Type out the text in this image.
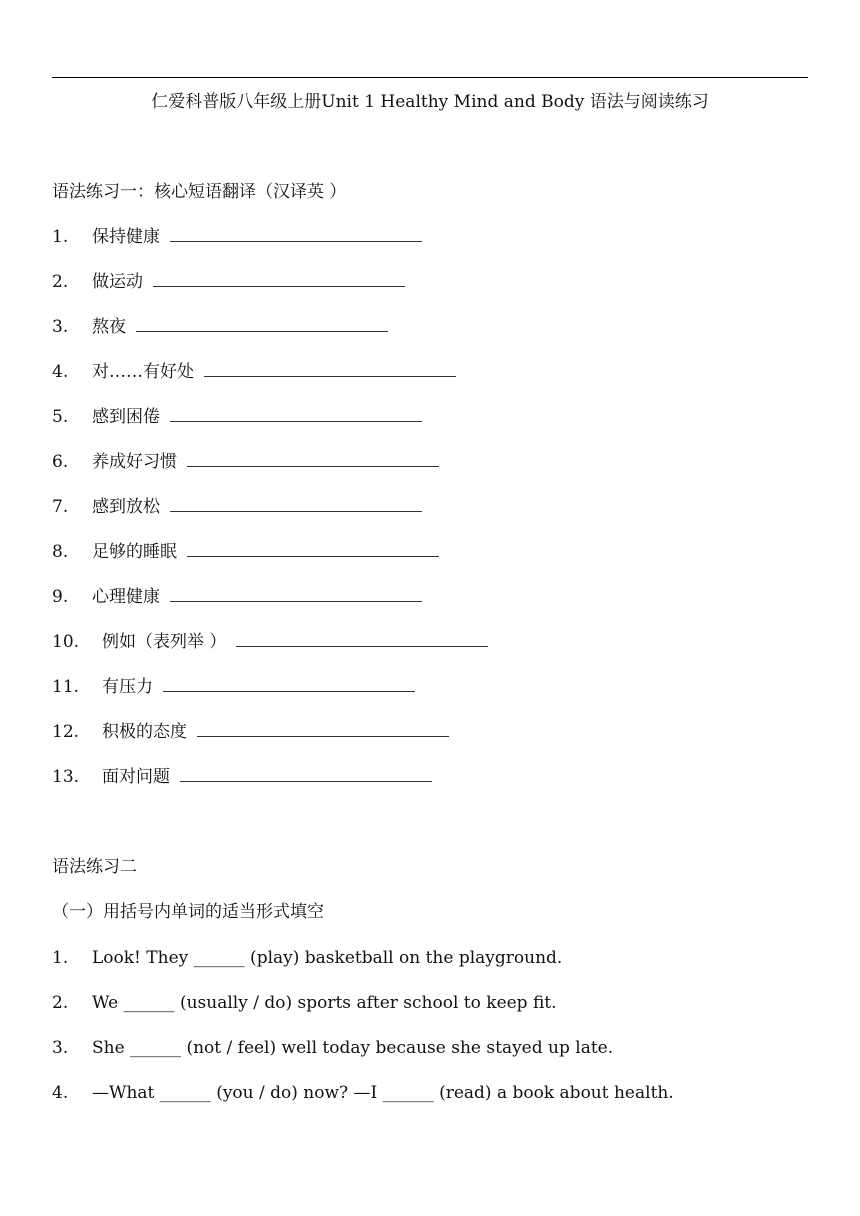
仁爱科普版八年级上册Unit 1 Healthy Mind and Body 语法与阅读练习
语法练习一：核心短语翻译（汉译英 ）
1. 保持健康
2. 做运动
3. 熬夜
4. 对……有好处
5. 感到困倦
6. 养成好习惯
7. 感到放松
8. 足够的睡眠
9. 心理健康
10. 例如（表列举 ）
11. 有压力
12. 积极的态度
13. 面对问题
语法练习二
（一）用括号内单词的适当形式填空
1. Look! They ______ (play) basketball on the playground.
2. We ______ (usually / do) sports after school to keep fit.
3. She ______ (not / feel) well today because she stayed up late.
4. —What ______ (you / do) now? —I ______ (read) a book about health.
